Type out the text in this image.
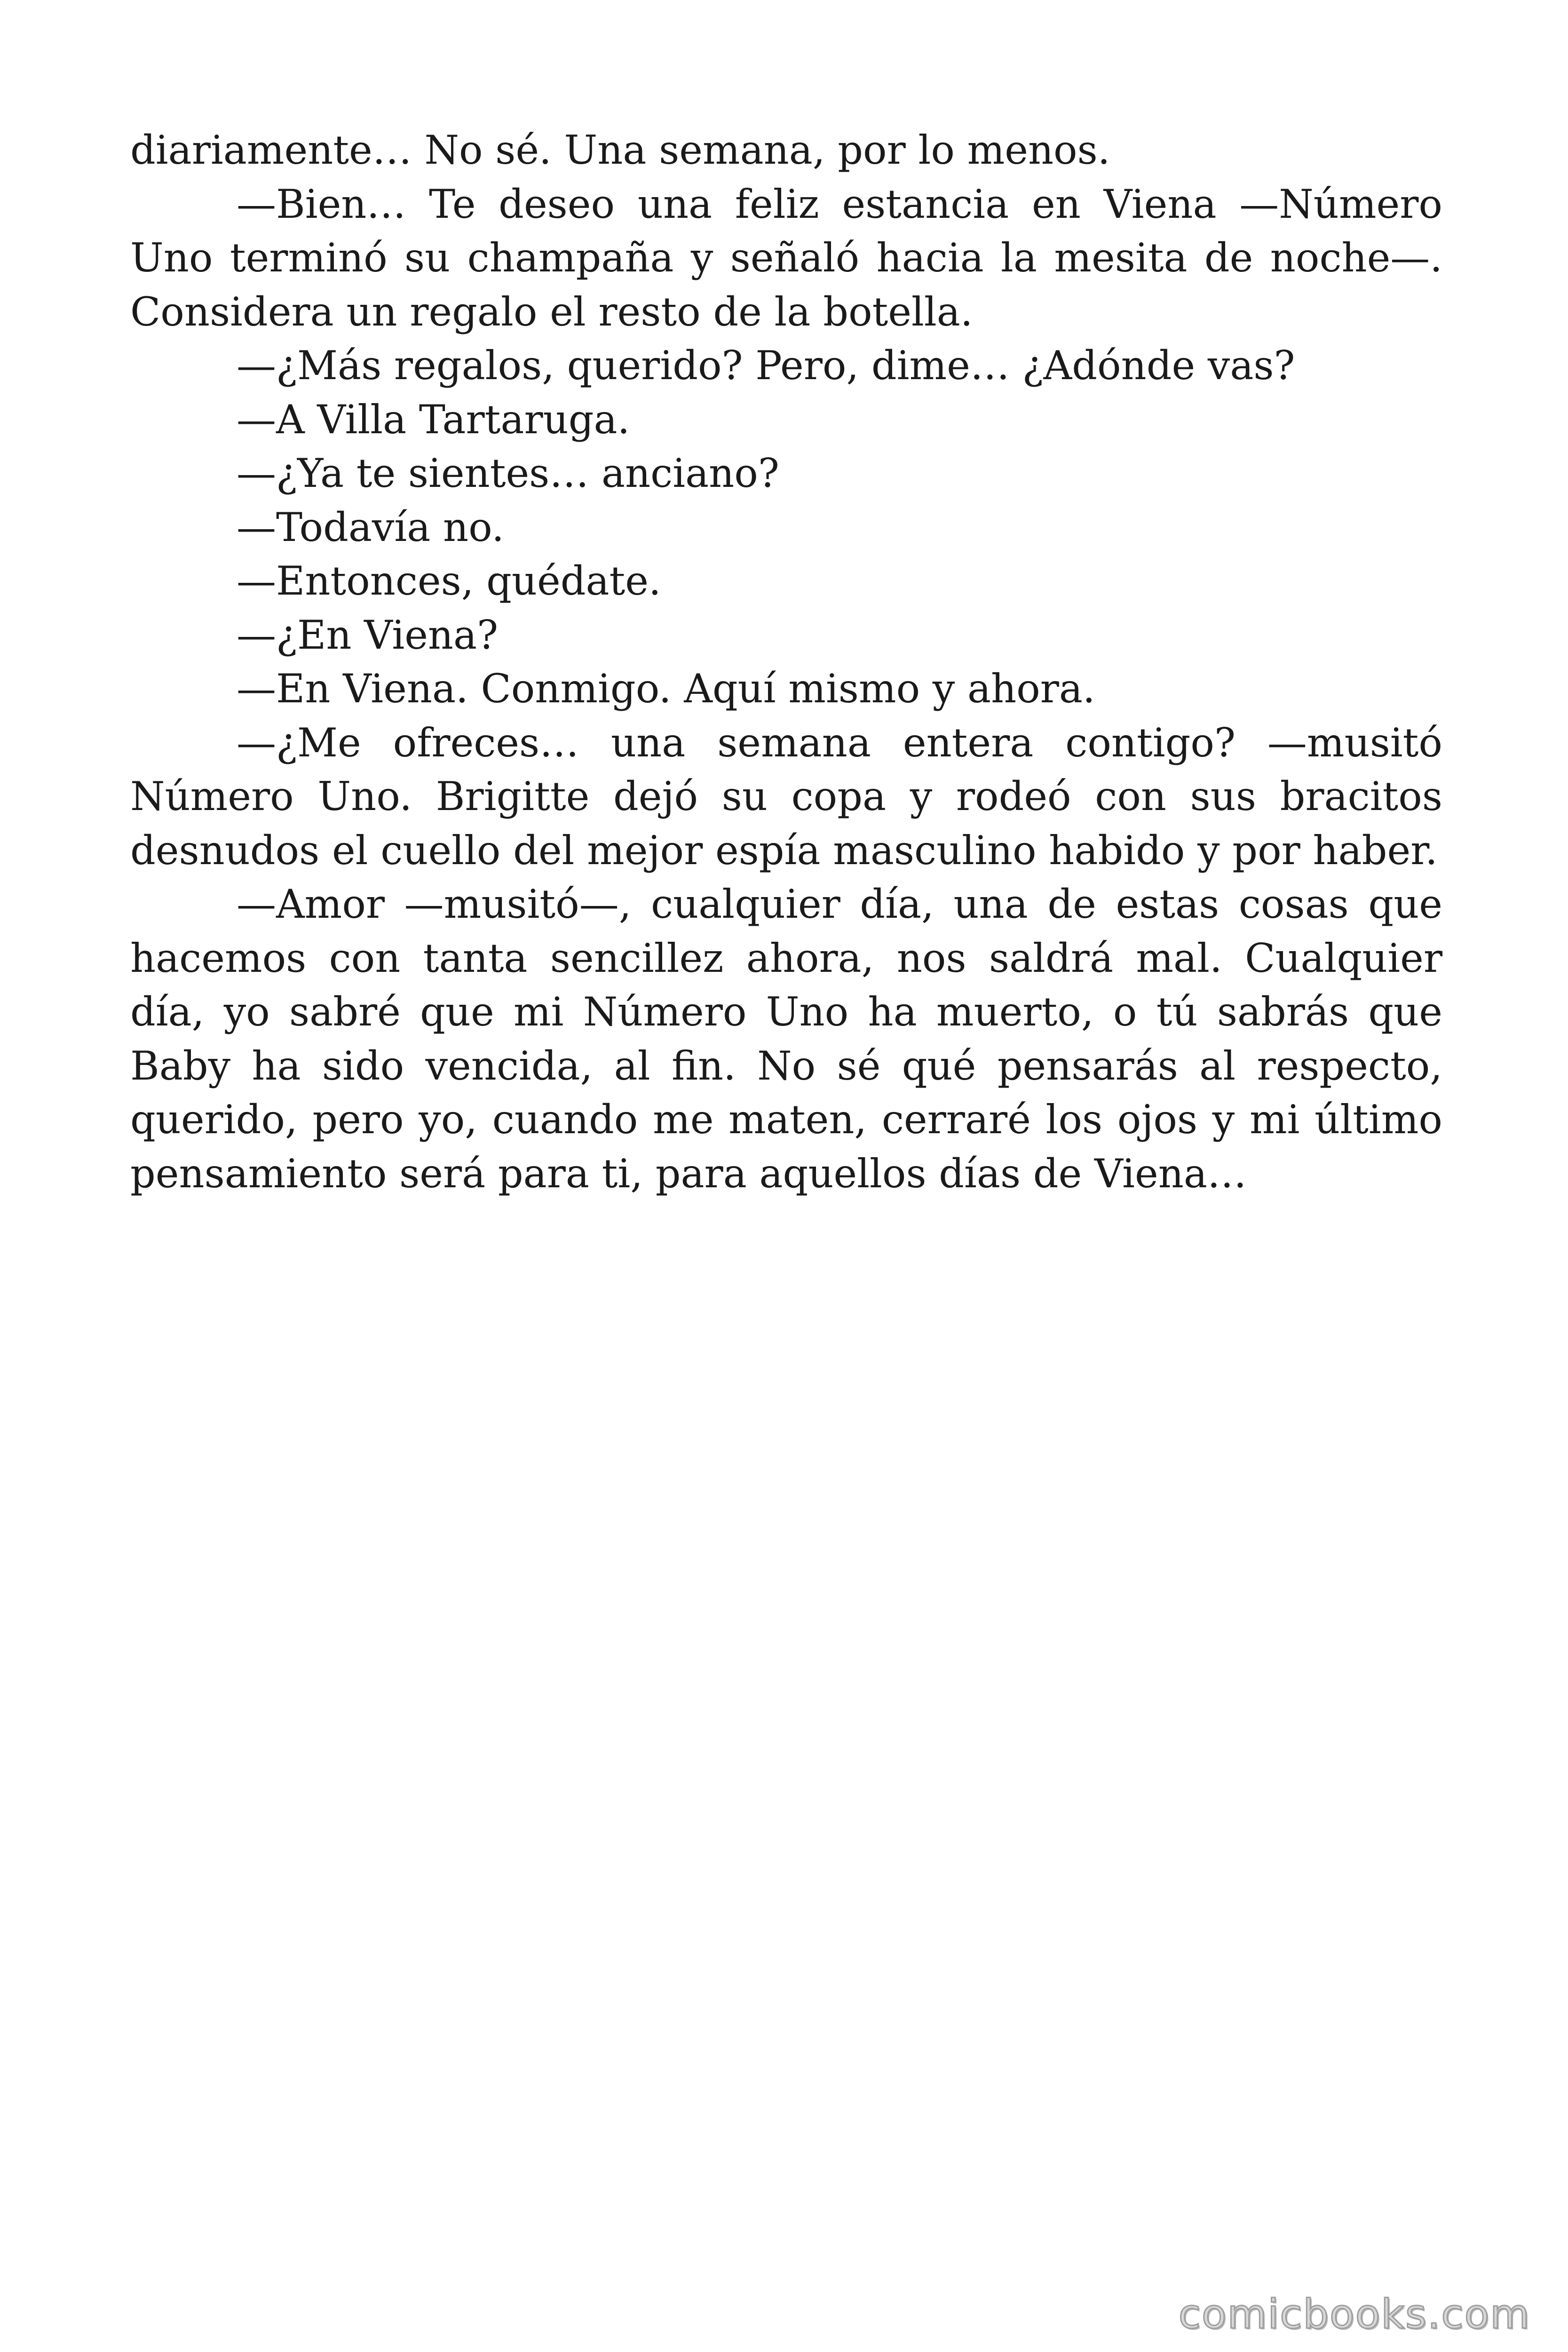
diariamente… No sé. Una semana, por lo menos.

—Bien… Te deseo una feliz estancia en Viena —Número Uno terminó su champaña y señaló hacia la mesita de noche—. Considera un regalo el resto de la botella.

—¿Más regalos, querido? Pero, dime… ¿Adónde vas?

—A Villa Tartaruga.

—¿Ya te sientes… anciano?

—Todavía no.

—Entonces, quédate.

—¿En Viena?

—En Viena. Conmigo. Aquí mismo y ahora.

—¿Me ofreces… una semana entera contigo? —musitó Número Uno. Brigitte dejó su copa y rodeó con sus bracitos desnudos el cuello del mejor espía masculino habido y por haber.

—Amor —musitó—, cualquier día, una de estas cosas que hacemos con tanta sencillez ahora, nos saldrá mal. Cualquier día, yo sabré que mi Número Uno ha muerto, o tú sabrás que Baby ha sido vencida, al fin. No sé qué pensarás al respecto, querido, pero yo, cuando me maten, cerraré los ojos y mi último pensamiento será para ti, para aquellos días de Viena…

comicbooks.com
